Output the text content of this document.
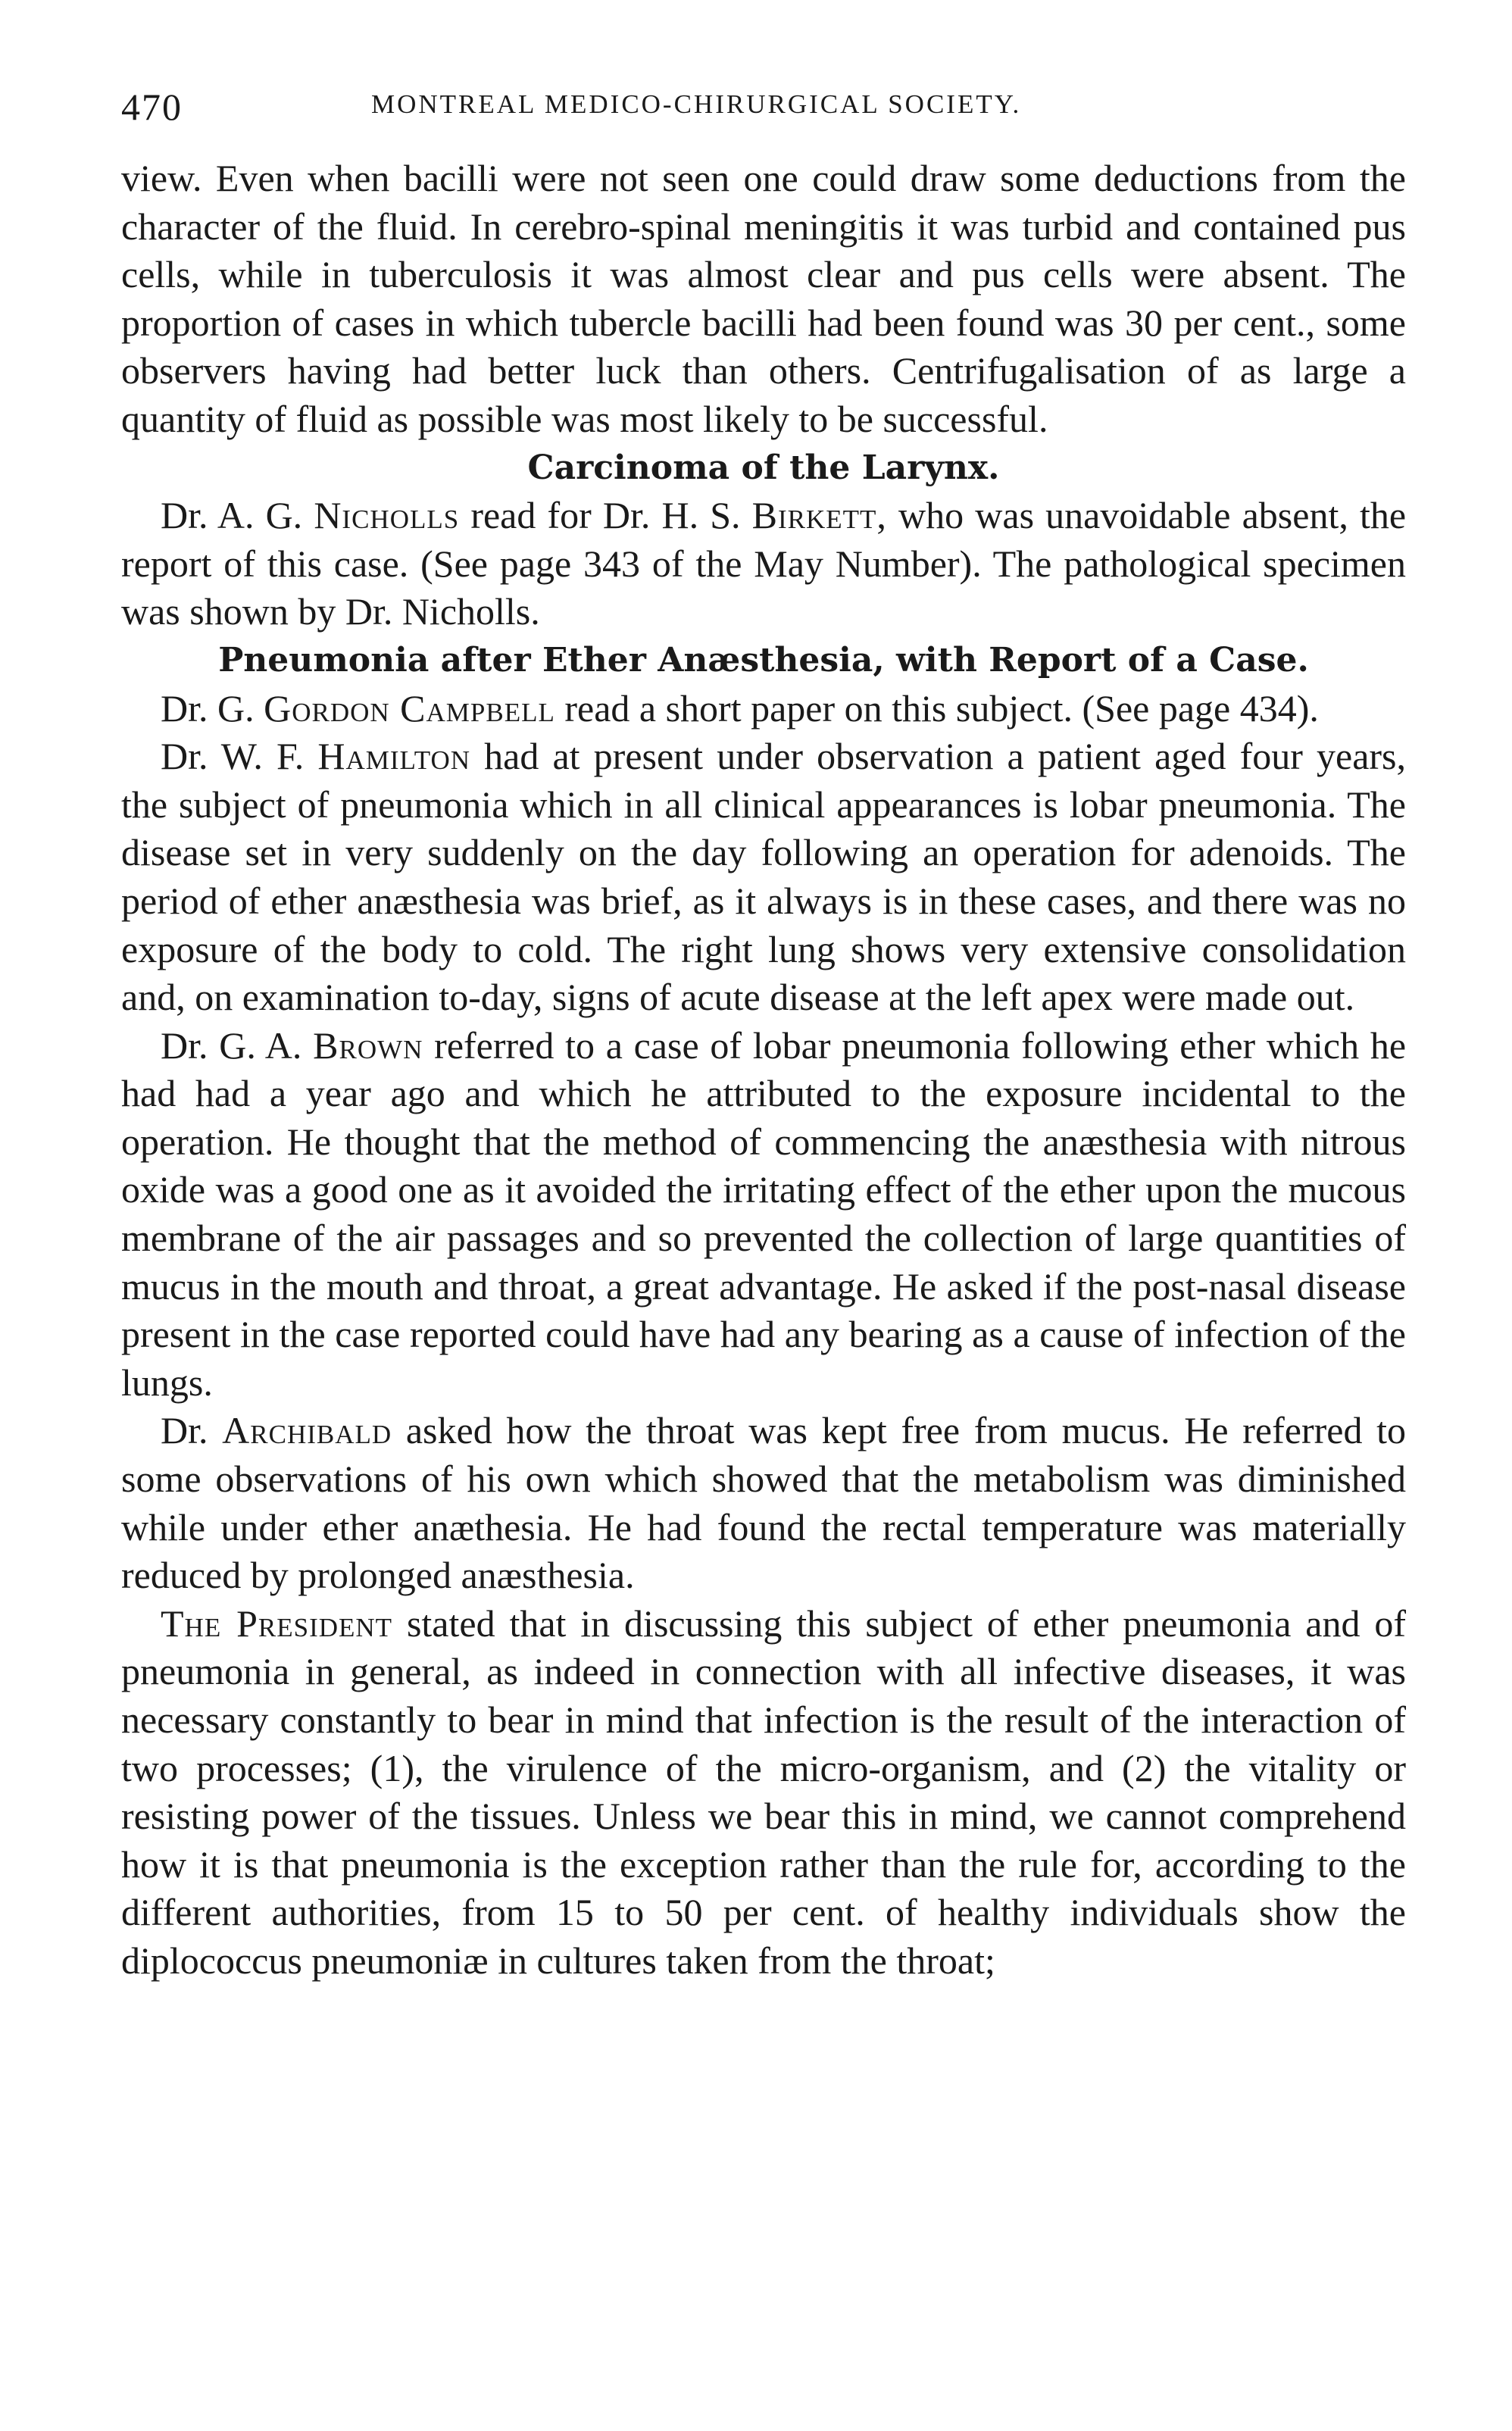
470	MONTREAL MEDICO-CHIRURGICAL SOCIETY.

view. Even when bacilli were not seen one could draw some deductions from the character of the fluid. In cerebro-spinal meningitis it was turbid and contained pus cells, while in tuberculosis it was almost clear and pus cells were absent. The proportion of cases in which tubercle bacilli had been found was 30 per cent., some observers having had better luck than others. Centrifugalisation of as large a quantity of fluid as possible was most likely to be successful.

Carcinoma of the Larynx.

Dr. A. G. Nicholls read for Dr. H. S. Birkett, who was unavoidable absent, the report of this case. (See page 343 of the May Number). The pathological specimen was shown by Dr. Nicholls.

Pneumonia after Ether Anæsthesia, with Report of a Case.

Dr. G. Gordon Campbell read a short paper on this subject. (See page 434).

Dr. W. F. Hamilton had at present under observation a patient aged four years, the subject of pneumonia which in all clinical appearances is lobar pneumonia. The disease set in very suddenly on the day following an operation for adenoids. The period of ether anæsthesia was brief, as it always is in these cases, and there was no exposure of the body to cold. The right lung shows very extensive consolidation and, on examination to-day, signs of acute disease at the left apex were made out.

Dr. G. A. Brown referred to a case of lobar pneumonia following ether which he had had a year ago and which he attributed to the exposure incidental to the operation. He thought that the method of commencing the anæsthesia with nitrous oxide was a good one as it avoided the irritating effect of the ether upon the mucous membrane of the air passages and so prevented the collection of large quantities of mucus in the mouth and throat, a great advantage. He asked if the post-nasal disease present in the case reported could have had any bearing as a cause of infection of the lungs.

Dr. Archibald asked how the throat was kept free from mucus. He referred to some observations of his own which showed that the metabolism was diminished while under ether anæthesia. He had found the rectal temperature was materially reduced by prolonged anæsthesia.

The President stated that in discussing this subject of ether pneumonia and of pneumonia in general, as indeed in connection with all infective diseases, it was necessary constantly to bear in mind that infection is the result of the interaction of two processes; (1), the virulence of the micro-organism, and (2) the vitality or resisting power of the tissues. Unless we bear this in mind, we cannot comprehend how it is that pneumonia is the exception rather than the rule for, according to the different authorities, from 15 to 50 per cent. of healthy individuals show the diplococcus pneumoniæ in cultures taken from the throat;
